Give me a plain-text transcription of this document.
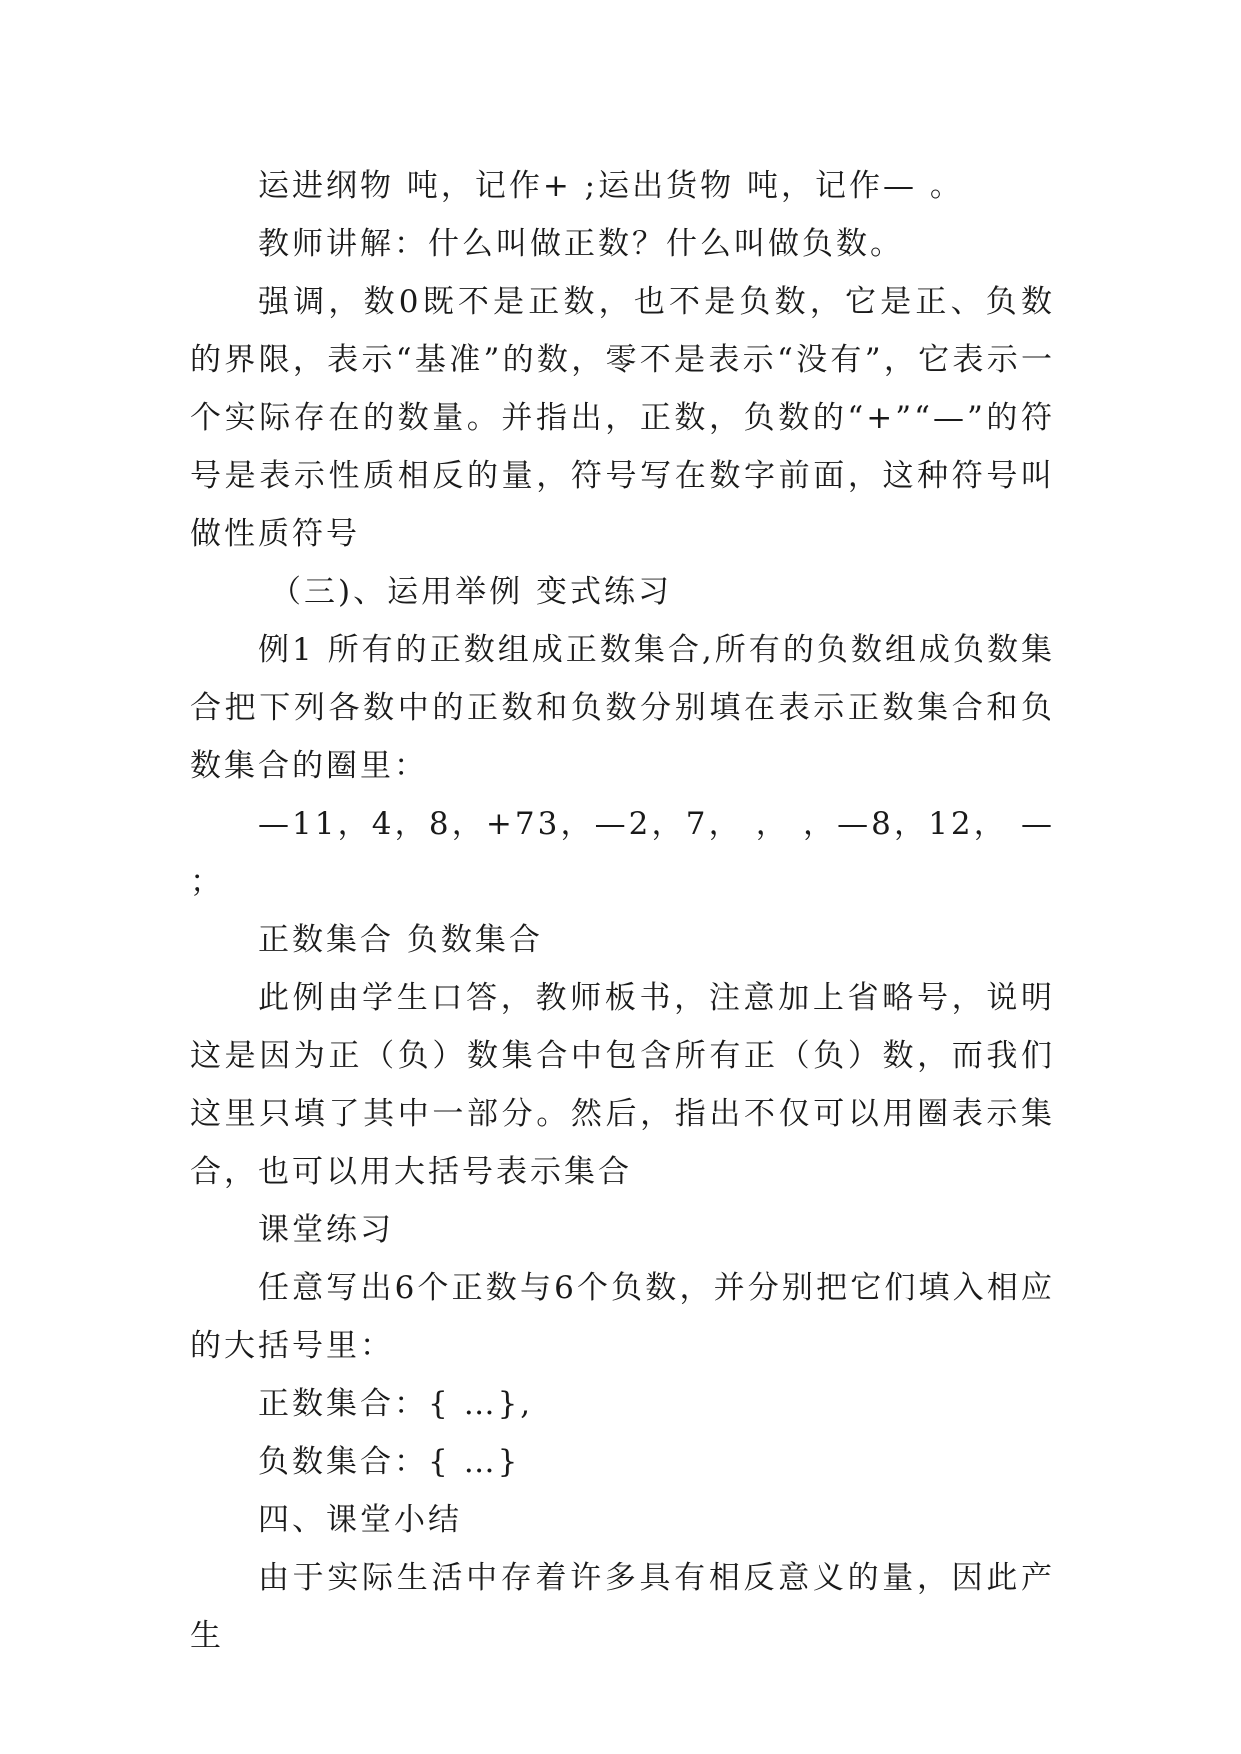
运进纲物 吨，记作+ ;运出货物 吨，记作— 。

教师讲解：什么叫做正数？什么叫做负数。

强调，数0既不是正数，也不是负数，它是正、负数的界限，表示“基准”的数，零不是表示“没有”，它表示一个实际存在的数量。并指出，正数，负数的“+”“—”的符号是表示性质相反的量，符号写在数字前面，这种符号叫做性质符号

（三)、运用举例 变式练习

例1 所有的正数组成正数集合,所有的负数组成负数集合把下列各数中的正数和负数分别填在表示正数集合和负数集合的圈里：

—11，4，8，+73，—2，7， ， ，—8，12， — ；

正数集合 负数集合

此例由学生口答，教师板书，注意加上省略号，说明这是因为正（负）数集合中包含所有正（负）数，而我们这里只填了其中一部分。然后，指出不仅可以用圈表示集合，也可以用大括号表示集合

课堂练习

任意写出6个正数与6个负数，并分别把它们填入相应的大括号里：

正数集合：{ …},

负数集合：{ …}

四、课堂小结

由于实际生活中存着许多具有相反意义的量，因此产生
